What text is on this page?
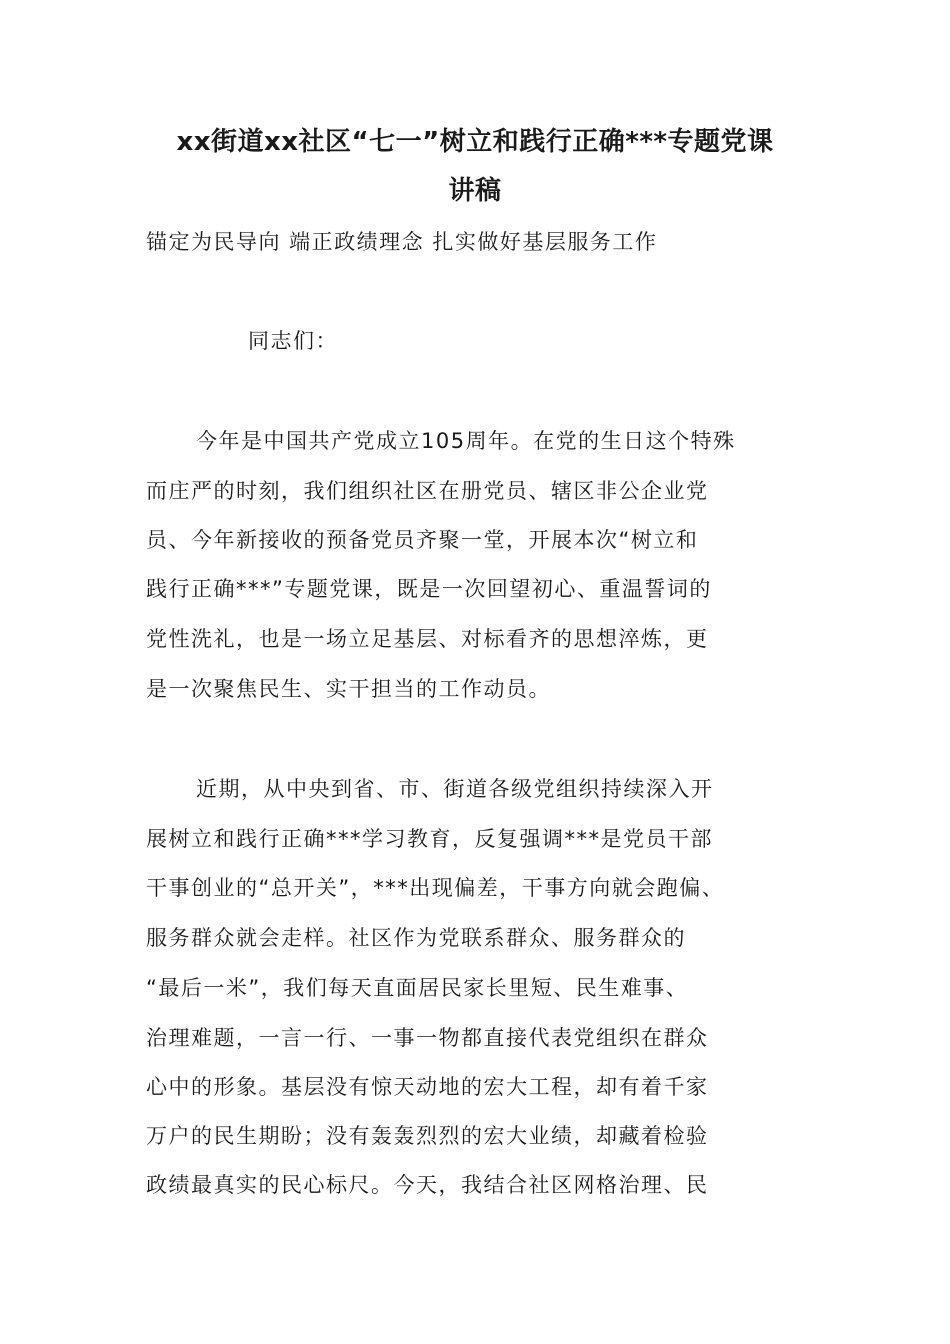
xx街道xx社区“七一”树立和践行正确***专题党课
讲稿
锚定为民导向 端正政绩理念 扎实做好基层服务工作
同志们：
今年是中国共产党成立105周年。在党的生日这个特殊
而庄严的时刻，我们组织社区在册党员、辖区非公企业党
员、今年新接收的预备党员齐聚一堂，开展本次“树立和
践行正确***”专题党课，既是一次回望初心、重温誓词的
党性洗礼，也是一场立足基层、对标看齐的思想淬炼，更
是一次聚焦民生、实干担当的工作动员。
近期，从中央到省、市、街道各级党组织持续深入开
展树立和践行正确***学习教育，反复强调***是党员干部
干事创业的“总开关”，***出现偏差，干事方向就会跑偏、
服务群众就会走样。社区作为党联系群众、服务群众的
“最后一米”，我们每天直面居民家长里短、民生难事、
治理难题，一言一行、一事一物都直接代表党组织在群众
心中的形象。基层没有惊天动地的宏大工程，却有着千家
万户的民生期盼；没有轰轰烈烈的宏大业绩，却藏着检验
政绩最真实的民心标尺。今天，我结合社区网格治理、民
